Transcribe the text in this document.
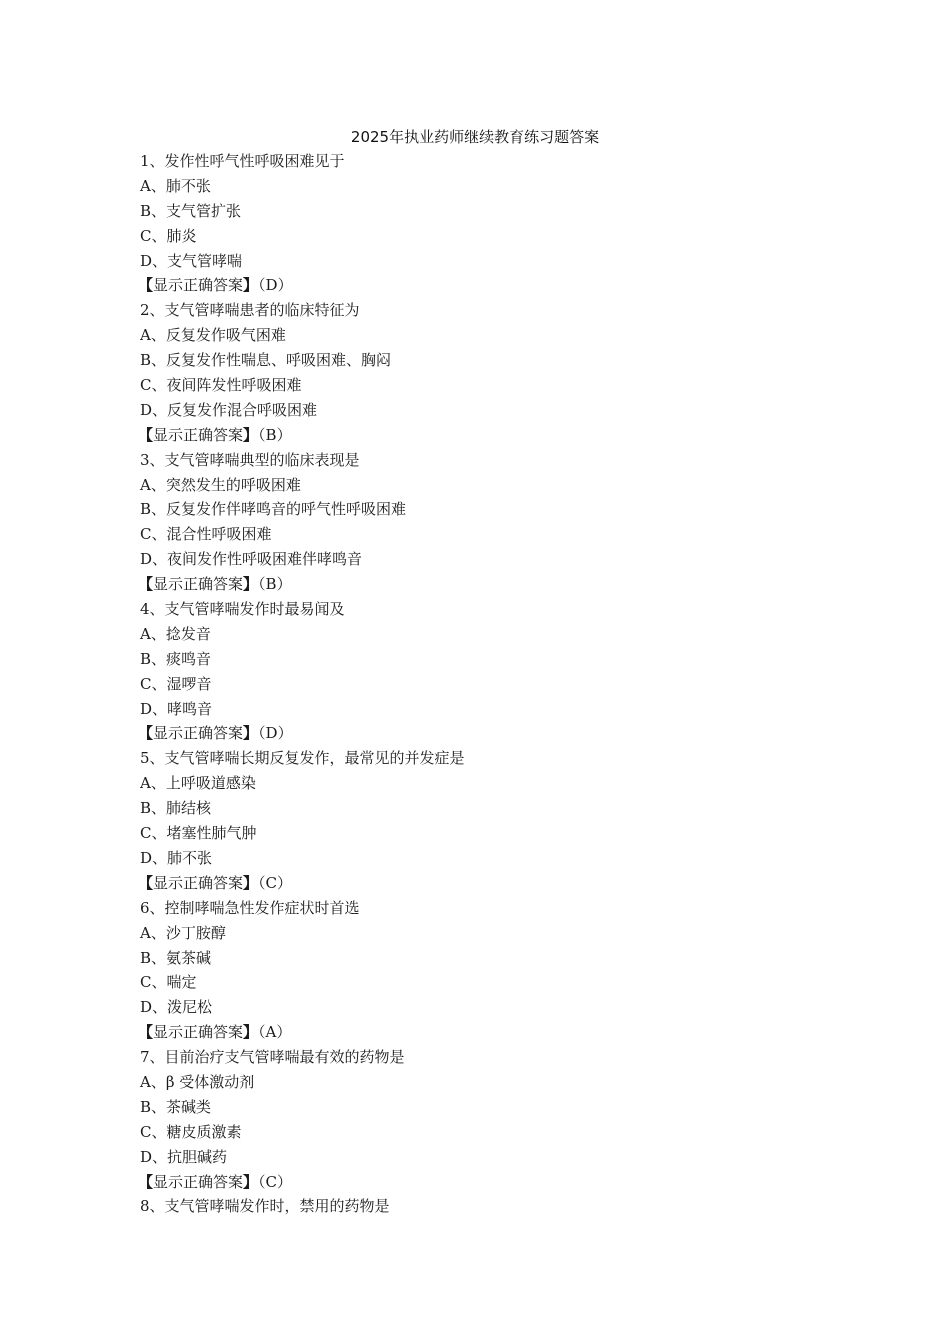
2025年执业药师继续教育练习题答案
1、发作性呼气性呼吸困难见于
A、肺不张
B、支气管扩张
C、肺炎
D、支气管哮喘
【显示正确答案】（D）
2、支气管哮喘患者的临床特征为
A、反复发作吸气困难
B、反复发作性喘息、呼吸困难、胸闷
C、夜间阵发性呼吸困难
D、反复发作混合呼吸困难
【显示正确答案】（B）
3、支气管哮喘典型的临床表现是
A、突然发生的呼吸困难
B、反复发作伴哮鸣音的呼气性呼吸困难
C、混合性呼吸困难
D、夜间发作性呼吸困难伴哮鸣音
【显示正确答案】（B）
4、支气管哮喘发作时最易闻及
A、捻发音
B、痰鸣音
C、湿啰音
D、哮鸣音
【显示正确答案】（D）
5、支气管哮喘长期反复发作，最常见的并发症是
A、上呼吸道感染
B、肺结核
C、堵塞性肺气肿
D、肺不张
【显示正确答案】（C）
6、控制哮喘急性发作症状时首选
A、沙丁胺醇
B、氨茶碱
C、喘定
D、泼尼松
【显示正确答案】（A）
7、目前治疗支气管哮喘最有效的药物是
A、β 受体激动剂
B、茶碱类
C、糖皮质激素
D、抗胆碱药
【显示正确答案】（C）
8、支气管哮喘发作时，禁用的药物是
